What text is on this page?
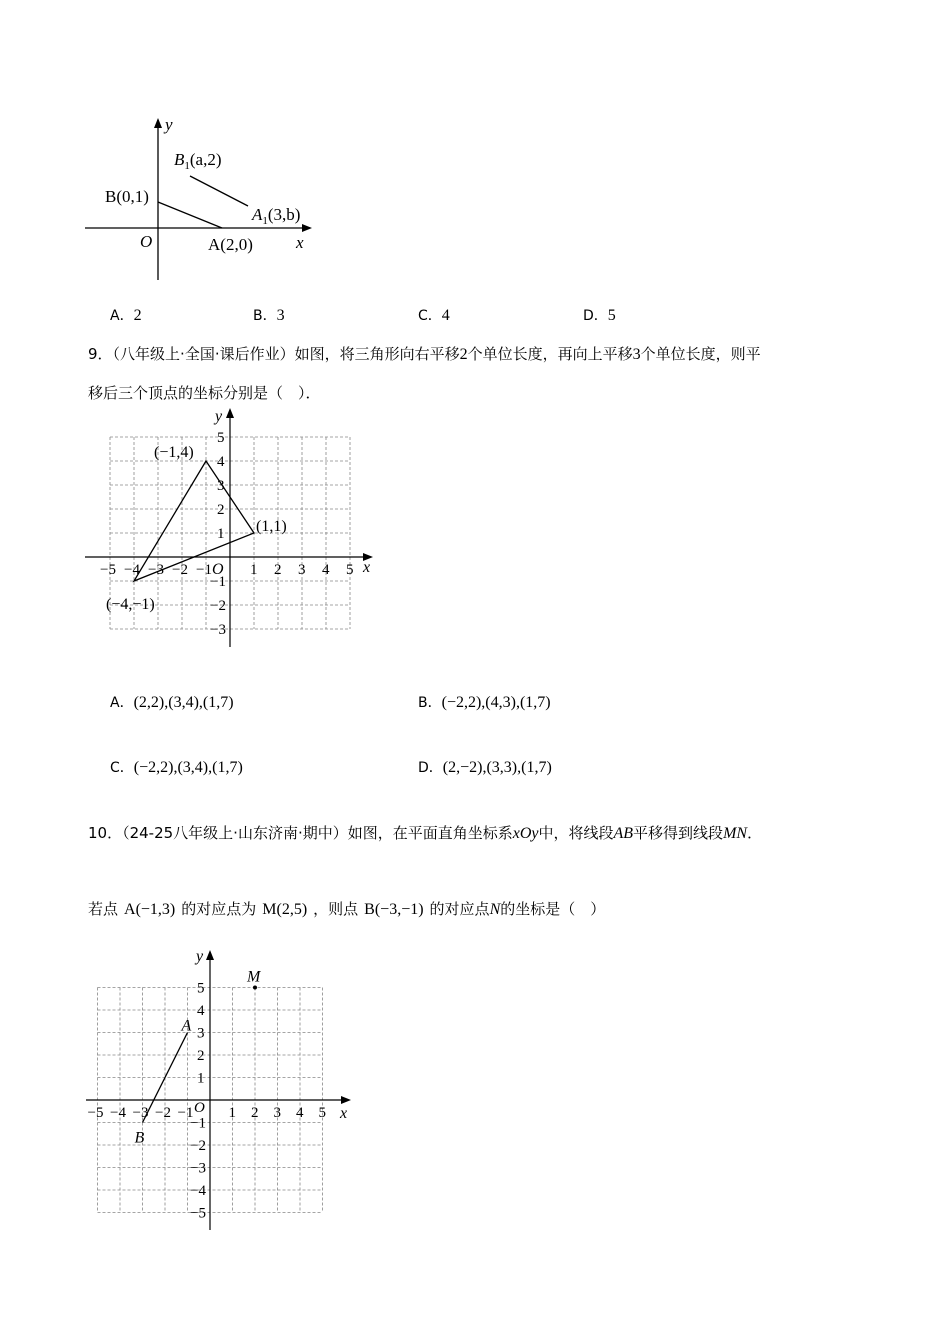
y
x
O
B(0,1)
A(2,0)
$B_1(a,2)$
$A_1(3,b)$
A．2	B．3	C．4	D．5
9．（八年级上·全国·课后作业）如图，将三角形向右平移2个单位长度，再向上平移3个单位长度，则平
移后三个顶点的坐标分别是（　）．
−5 −4 −3 −2 −1	1 2 3 4 5
5
4
3
2
1
−1
−2
−3
O	x
y
(−1,4)
(1,1)
(−4,−1)
A．(2,2),(3,4),(1,7)	B．(−2,2),(4,3),(1,7)
C．(−2,2),(3,4),(1,7)	D．(2,−2),(3,3),(1,7)
10．（24-25八年级上·山东济南·期中）如图，在平面直角坐标系xOy中，将线段AB平移得到线段MN．
若点 A(−1,3) 的对应点为 M(2,5) ，则点 B(−3,−1) 的对应点N的坐标是（　）
−5 −4 −3 −2 −1 1 2 3 4 5
5
4
3
2
1
−1
−2
−3
−4
−5
O	x
y
A
B
M
